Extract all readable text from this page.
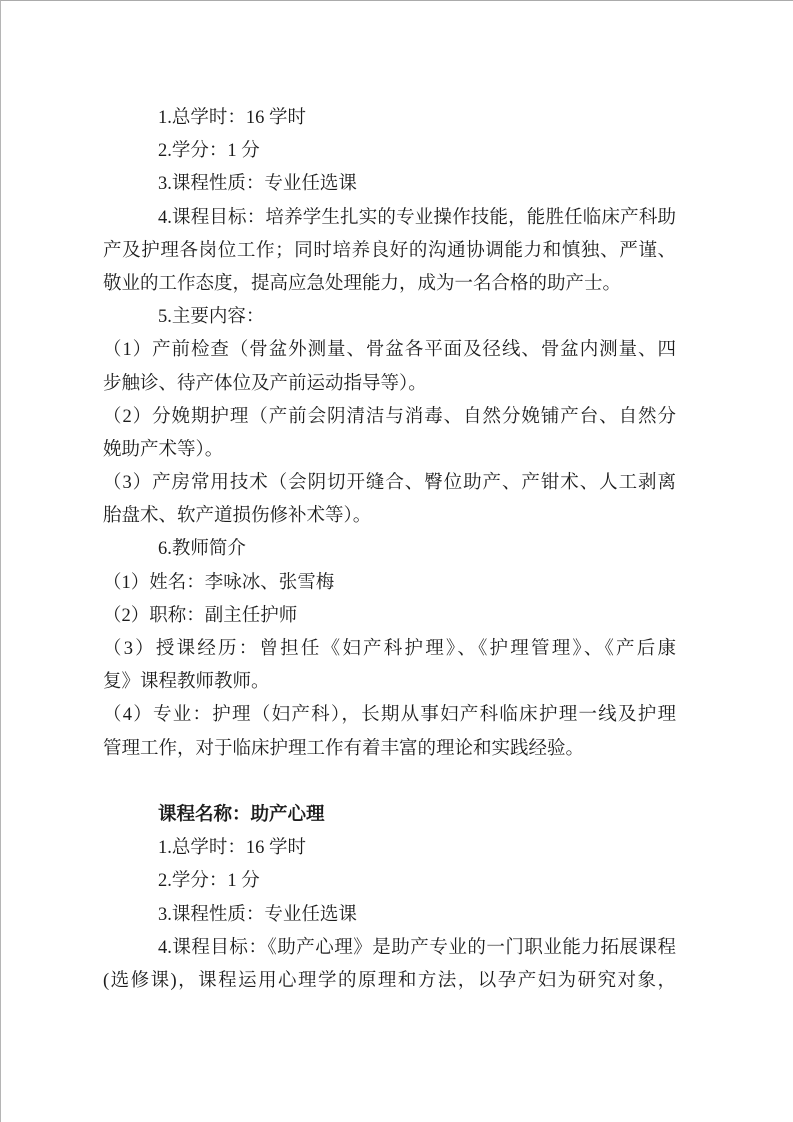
1.总学时：16 学时
2.学分：1 分
3.课程性质：专业任选课
4.课程目标：培养学生扎实的专业操作技能，能胜任临床产科助
产及护理各岗位工作；同时培养良好的沟通协调能力和慎独、严谨、
敬业的工作态度，提高应急处理能力，成为一名合格的助产士。
5.主要内容：
（1）产前检查（骨盆外测量、骨盆各平面及径线、骨盆内测量、四
步触诊、待产体位及产前运动指导等）。
（2）分娩期护理（产前会阴清洁与消毒、自然分娩铺产台、自然分
娩助产术等）。
（3）产房常用技术（会阴切开缝合、臀位助产、产钳术、人工剥离
胎盘术、软产道损伤修补术等）。
6.教师简介
（1）姓名：李咏冰、张雪梅
（2）职称：副主任护师
（3）授课经历：曾担任《妇产科护理》、《护理管理》、《产后康
复》课程教师教师。
（4）专业：护理（妇产科），长期从事妇产科临床护理一线及护理
管理工作，对于临床护理工作有着丰富的理论和实践经验。
课程名称：助产心理
1.总学时：16 学时
2.学分：1 分
3.课程性质：专业任选课
4.课程目标：《助产心理》是助产专业的一门职业能力拓展课程
(选修课)，课程运用心理学的原理和方法，以孕产妇为研究对象，
